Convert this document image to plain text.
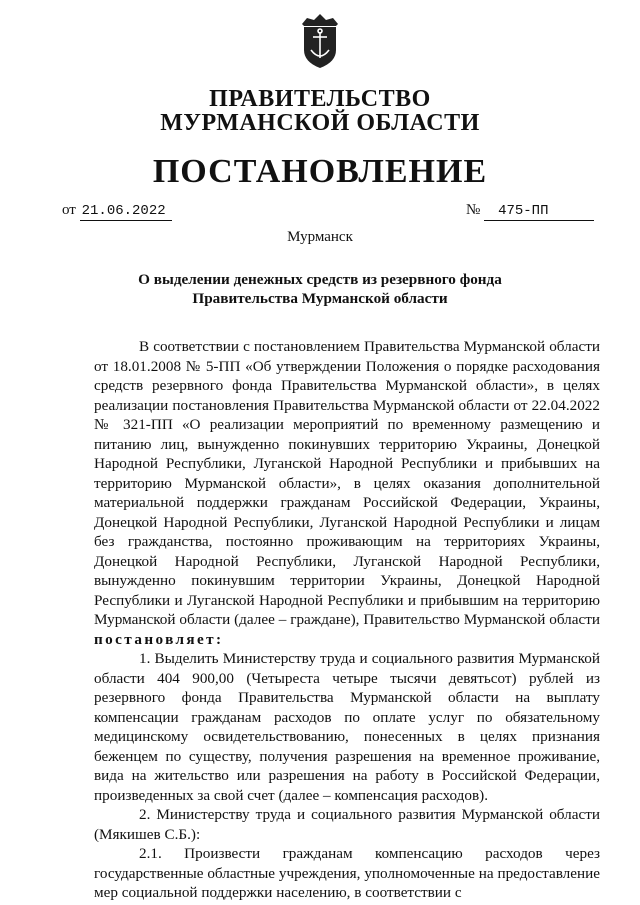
ПРАВИТЕЛЬСТВО
МУРМАНСКОЙ ОБЛАСТИ
ПОСТАНОВЛЕНИЕ
от 21.06.2022	№ 475-ПП
Мурманск
О выделении денежных средств из резервного фонда
Правительства Мурманской области

В соответствии с постановлением Правительства Мурманской области от 18.01.2008 № 5-ПП «Об утверждении Положения о порядке расходования средств резервного фонда Правительства Мурманской области», в целях реализации постановления Правительства Мурманской области от 22.04.2022 № 321-ПП «О реализации мероприятий по временному размещению и питанию лиц, вынужденно покинувших территорию Украины, Донецкой Народной Республики, Луганской Народной Республики и прибывших на территорию Мурманской области», в целях оказания дополнительной материальной поддержки гражданам Российской Федерации, Украины, Донецкой Народной Республики, Луганской Народной Республики и лицам без гражданства, постоянно проживающим на территориях Украины, Донецкой Народной Республики, Луганской Народной Республики, вынужденно покинувшим территории Украины, Донецкой Народной Республики и Луганской Народной Республики и прибывшим на территорию Мурманской области (далее – граждане), Правительство Мурманской области постановляет:

1. Выделить Министерству труда и социального развития Мурманской области 404 900,00 (Четыреста четыре тысячи девятьсот) рублей из резервного фонда Правительства Мурманской области на выплату компенсации гражданам расходов по оплате услуг по обязательному медицинскому освидетельствованию, понесенных в целях признания беженцем по существу, получения разрешения на временное проживание, вида на жительство или разрешения на работу в Российской Федерации, произведенных за свой счет (далее – компенсация расходов).

2. Министерству труда и социального развития Мурманской области (Мякишев С.Б.):

2.1. Произвести гражданам компенсацию расходов через государственные областные учреждения, уполномоченные на предоставление мер социальной поддержки населению, в соответствии с
